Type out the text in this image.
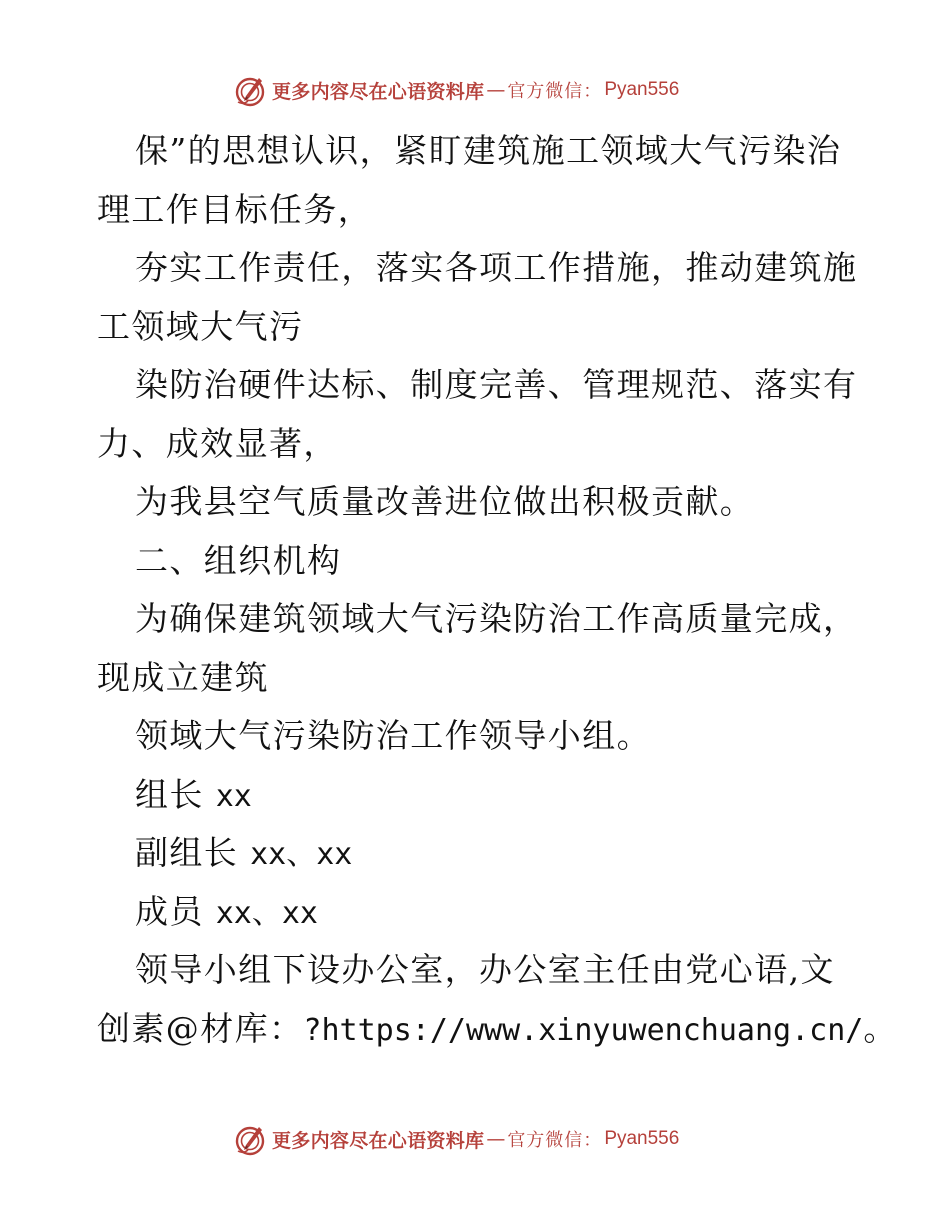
更多内容尽在心语资料库 — 官方微信： Pyan556
保”的思想认识，紧盯建筑施工领域大气污染治
理工作目标任务，
夯实工作责任，落实各项工作措施，推动建筑施
工领域大气污
染防治硬件达标、制度完善、管理规范、落实有
力、成效显著，
为我县空气质量改善进位做出积极贡献。
二、组织机构
为确保建筑领域大气污染防治工作高质量完成，
现成立建筑
领域大气污染防治工作领导小组。
组长 xx
副组长 xx、xx
成员 xx、xx
领导小组下设办公室，办公室主任由党心语,文
创素@材库：?https://www.xinyuwenchuang.cn/。
更多内容尽在心语资料库 — 官方微信： Pyan556
